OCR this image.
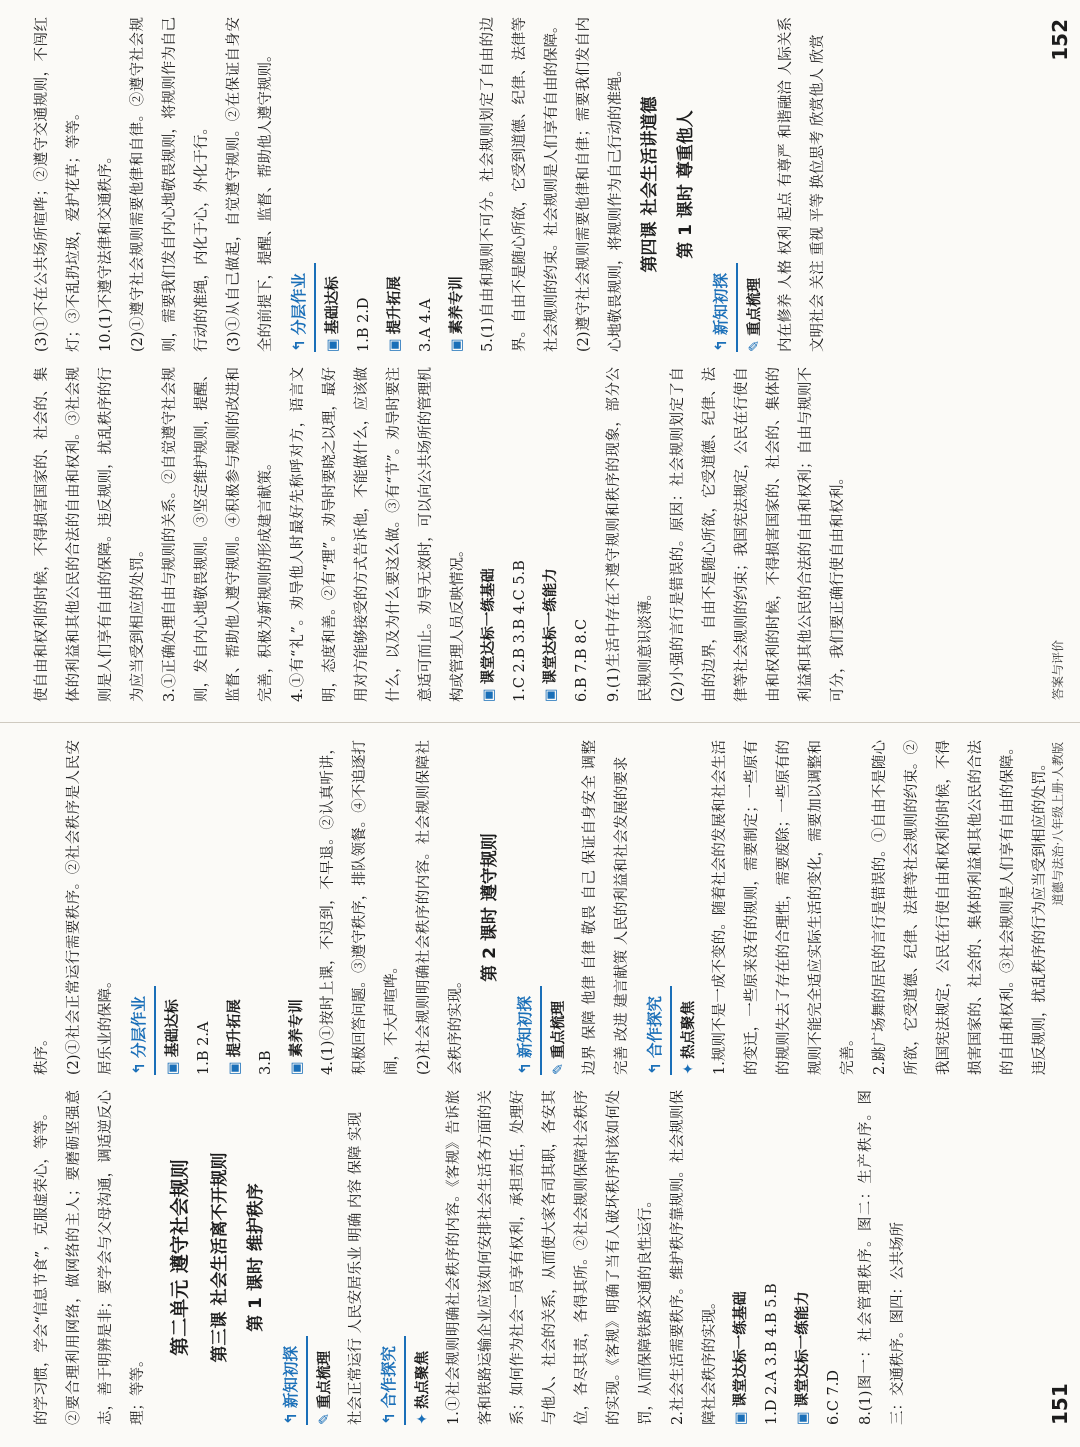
的学习惯，学会“信息节食”，克服虚荣心，等等。	②要合理利用网络，做网络的主人；要磨砺坚强意志，善于明辨是非；要学会与父母沟通，调适逆反心理；等等。

第二单元 遵守社会规则	第三课 社会生活离不开规则 第 1 课时 维护秩序
↰新知初探
✎重点梳理	社会正常运行 人民安居乐业 明确 内容 保障 实现	↰合作探究
✦热点聚焦	1.①社会规则明确社会秩序的内容。《客规》告诉旅客和铁路运输企业应该如何安排社会生活各方面的关系；如何作为社会一员享有权利，承担责任，处理好与他人、社会的关系，从而使大家各司其职，各安其位，各尽其责，各得其所。②社会规则保障社会秩序的实现。《客规》明确了当有人破坏秩序时该如何处罚，从而保障铁路交通的良性运行。	2.社会生活需要秩序。维护秩序靠规则。社会规则保障社会秩序的实现。	▣课堂达标一练基础	1.D 2.A 3.B 4.B 5.B	▣课堂达标一练能力	6.C 7.D	8.(1)图一：社会管理秩序。图二：生产秩序。图三：交通秩序。图四：公共场所

秩序。	(2)①社会正常运行需要秩序。②社会秩序是人民安居乐业的保障。	↰分层作业
▣基础达标	1.B 2.A	▣提升拓展

3.B	▣素养专训	4.(1)①按时上课，不迟到，不早退。②认真听讲，积极回答问题。③遵守秩序，排队领餐。④不追逐打闹，不大声喧哗。	(2)社会规则明确社会秩序的内容。社会规则保障社会秩序的实现。

第 2 课时 遵守规则
↰新知初探
✎重点梳理	边界 保障 他律 自律 敬畏 自己 保证自身安全 调整 完善 改进 建言献策 人民的利益和社会发展的要求	↰合作探究
✦热点聚焦	1.规则不是一成不变的。随着社会的发展和社会生活的变迁，一些原来没有的规则，需要制定；一些原有的规则失去了存在的合理性，需要废除；一些原有的规则不能完全适应实际生活的变化，需要加以调整和完善。	2.跳广场舞的居民的言行是错误的。①自由不是随心所欲，它受道德、纪律、法律等社会规则的约束。②我国宪法规定，公民在行使自由和权利的时候，不得损害国家的、社会的、集体的利益和其他公民的合法的自由和权利。③社会规则是人们享有自由的保障。违反规则，扰乱秩序的行为应当受到相应的处罚。

151
道德与法治·八年级上册·人教版

使自由和权利的时候，不得损害国家的、社会的、集体的利益和其他公民的合法的自由和权利。③社会规则是人们享有自由的保障。违反规则，扰乱秩序的行为应当受到相应的处罚。	3.①正确处理自由与规则的关系。②自觉遵守社会规则，发自内心地敬畏规则。③坚定维护规则，提醒、监督、帮助他人遵守规则。④积极参与规则的改进和完善，积极为新规则的形成建言献策。	4.①有“礼”。劝导他人时最好先称呼对方，语言文明，态度和善。②有“理”。劝导时要晓之以理，最好用对方能够接受的方式告诉他，不能做什么，应该做什么，以及为什么要这么做。③有“节”。劝导时要注意适可而止。劝导无效时，可以向公共场所的管理机构或管理人员反映情况。	▣课堂达标一练基础	1.C 2.B 3.B 4.C 5.B	▣课堂达标一练能力	6.B 7.B 8.C	9.(1)生活中存在不遵守规则和秩序的现象，部分公民规则意识淡薄。	(2)小强的言行是错误的。原因：社会规则划定了自由的边界，自由不是随心所欲，它受道德、纪律、法律等社会规则的约束；我国宪法规定，公民在行使自由和权利的时候，不得损害国家的、社会的、集体的利益和其他公民的合法的自由和权利；自由与规则不可分，我们要正确行使自由和权利。

(3)①不在公共场所喧哗；②遵守交通规则，不闯红灯；③不乱扔垃圾，爱护花草；等等。	10.(1)不遵守法律和交通秩序。	(2)①遵守社会规则需要他律和自律。②遵守社会规则，需要我们发自内心地敬畏规则，将规则作为自己行动的准绳，内化于心，外化于行。	(3)①从自己做起，自觉遵守规则。②在保证自身安全的前提下，提醒、监督、帮助他人遵守规则。	↰分层作业
▣基础达标	1.B 2.D	▣提升拓展	3.A 4.A	▣素养专训	5.(1)自由和规则不可分。社会规则划定了自由的边界。自由不是随心所欲，它受到道德、纪律、法律等社会规则的约束。社会规则是人们享有自由的保障。	(2)遵守社会规则需要他律和自律；需要我们发自内心地敬畏规则，将规则作为自己行动的准绳。 第四课 社会生活讲道德 第 1 课时 尊重他人
↰新知初探
✎重点梳理	内在修养 人格 权利 起点 有尊严 和谐融洽 人际关系 文明社会 关注 重视 平等 换位思考 欣赏他人 欣赏

答案与评价
152
